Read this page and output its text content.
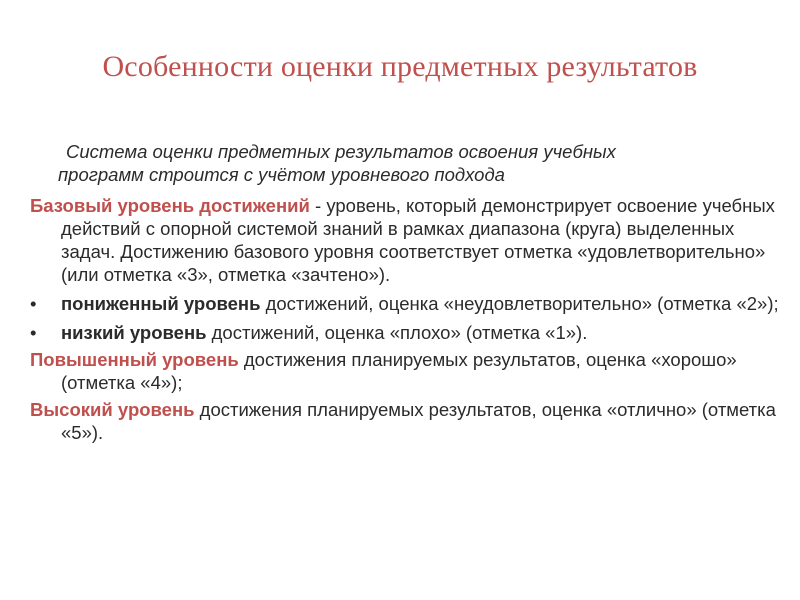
Особенности оценки предметных результатов
Система оценки предметных результатов освоения учебных
программ строится с учётом уровневого подхода
Базовый уровень достижений - уровень, который демонстрирует освоение учебных действий с опорной системой знаний в рамках диапазона (круга) выделенных задач. Достижению базового уровня соответствует отметка «удовлетворительно» (или отметка «3», отметка «зачтено»).
•	пониженный уровень достижений, оценка «неудовлетворительно» (отметка «2»);
•	низкий уровень достижений, оценка «плохо» (отметка «1»).
Повышенный уровень достижения планируемых результатов, оценка «хорошо» (отметка «4»);
Высокий уровень достижения планируемых результатов, оценка «отлично» (отметка «5»).
